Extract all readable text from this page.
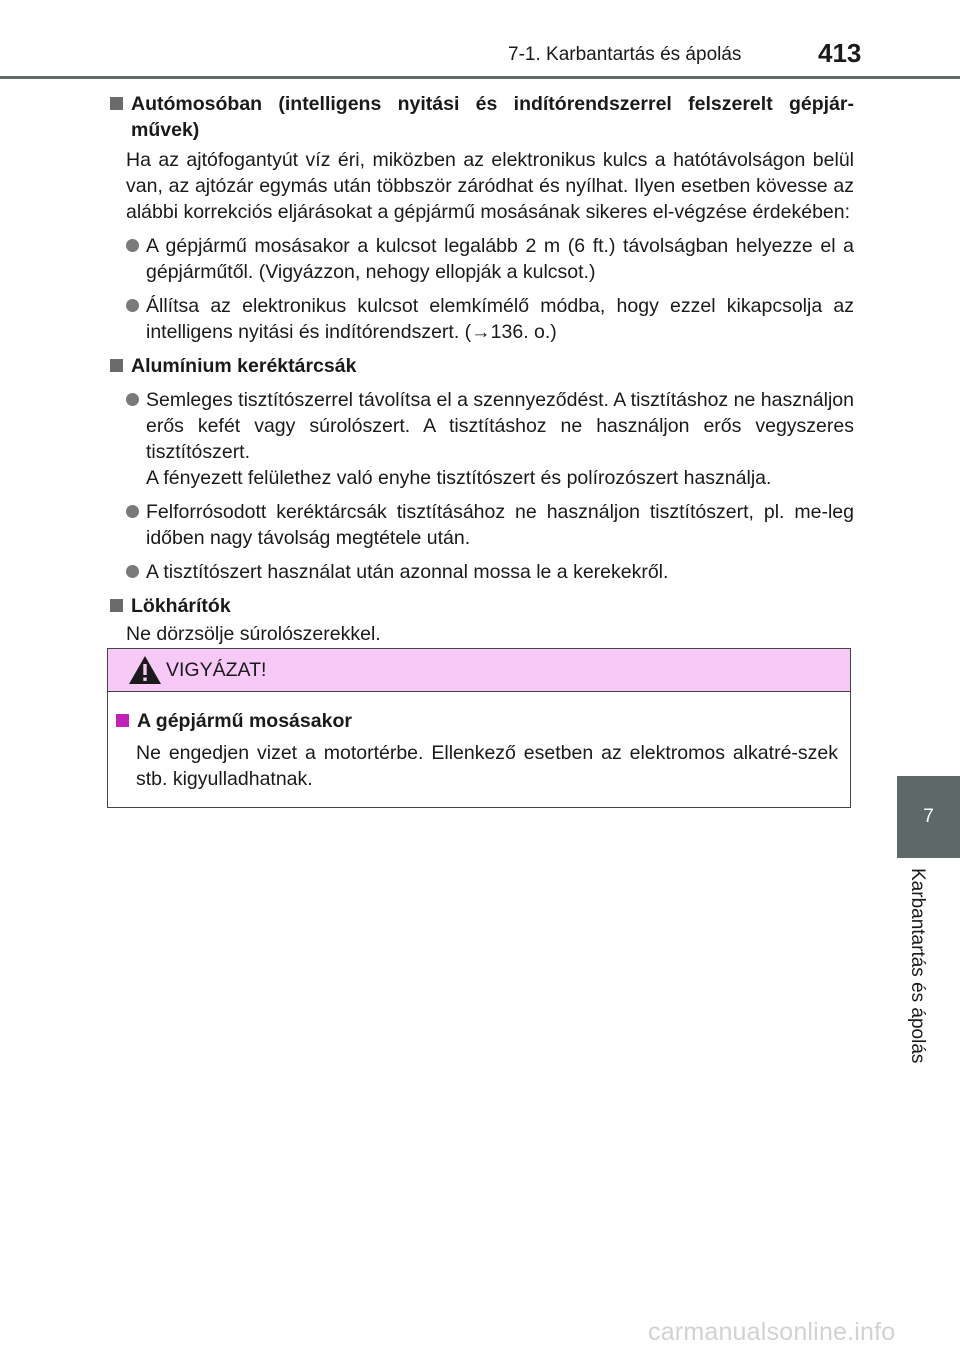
7-1. Karbantartás és ápolás	413
7
Karbantartás és ápolás
Autómosóban (intelligens nyitási és indítórendszerrel felszerelt gépjár-művek)
Ha az ajtófogantyút víz éri, miközben az elektronikus kulcs a hatótávolságon belül van, az ajtózár egymás után többször záródhat és nyílhat. Ilyen esetben kövesse az alábbi korrekciós eljárásokat a gépjármű mosásának sikeres el-végzése érdekében:
A gépjármű mosásakor a kulcsot legalább 2 m (6 ft.) távolságban helyezze el a gépjárműtől. (Vigyázzon, nehogy ellopják a kulcsot.)
Állítsa az elektronikus kulcsot elemkímélő módba, hogy ezzel kikapcsolja az intelligens nyitási és indítórendszert. (→136. o.)
Alumínium keréktárcsák
Semleges tisztítószerrel távolítsa el a szennyeződést. A tisztításhoz ne használjon erős kefét vagy súrolószert. A tisztításhoz ne használjon erős vegyszeres tisztítószert.
A fényezett felülethez való enyhe tisztítószert és polírozószert használja.
Felforrósodott keréktárcsák tisztításához ne használjon tisztítószert, pl. me-leg időben nagy távolság megtétele után.
A tisztítószert használat után azonnal mossa le a kerekekről.
Lökhárítók
Ne dörzsölje súrolószerekkel.
VIGYÁZAT!
A gépjármű mosásakor
Ne engedjen vizet a motortérbe. Ellenkező esetben az elektromos alkatré-szek stb. kigyulladhatnak.
carmanualsonline.info
